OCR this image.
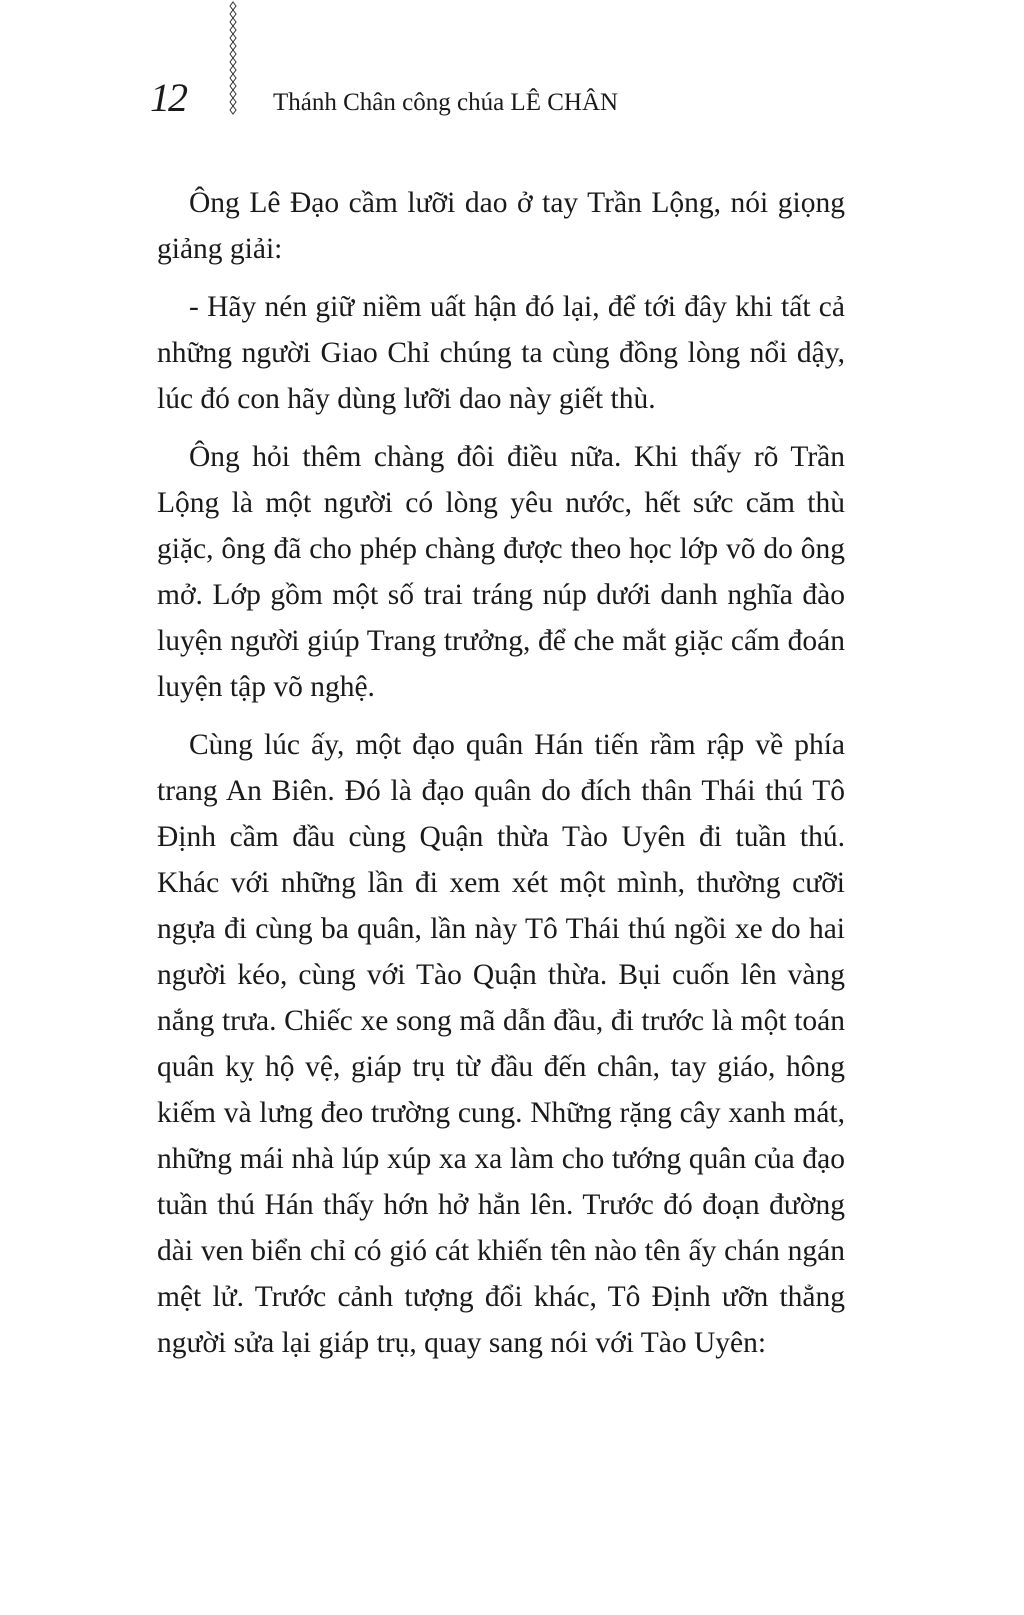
12	Thánh Chân công chúa LÊ CHÂN

Ông Lê Đạo cầm lưỡi dao ở tay Trần Lộng, nói giọng giảng giải:

- Hãy nén giữ niềm uất hận đó lại, để tới đây khi tất cả những người Giao Chỉ chúng ta cùng đồng lòng nổi dậy, lúc đó con hãy dùng lưỡi dao này giết thù.

Ông hỏi thêm chàng đôi điều nữa. Khi thấy rõ Trần Lộng là một người có lòng yêu nước, hết sức căm thù giặc, ông đã cho phép chàng được theo học lớp võ do ông mở. Lớp gồm một số trai tráng núp dưới danh nghĩa đào luyện người giúp Trang trưởng, để che mắt giặc cấm đoán luyện tập võ nghệ.

Cùng lúc ấy, một đạo quân Hán tiến rầm rập về phía trang An Biên. Đó là đạo quân do đích thân Thái thú Tô Định cầm đầu cùng Quận thừa Tào Uyên đi tuần thú. Khác với những lần đi xem xét một mình, thường cưỡi ngựa đi cùng ba quân, lần này Tô Thái thú ngồi xe do hai người kéo, cùng với Tào Quận thừa. Bụi cuốn lên vàng nắng trưa. Chiếc xe song mã dẫn đầu, đi trước là một toán quân kỵ hộ vệ, giáp trụ từ đầu đến chân, tay giáo, hông kiếm và lưng đeo trường cung. Những rặng cây xanh mát, những mái nhà lúp xúp xa xa làm cho tướng quân của đạo tuần thú Hán thấy hớn hở hẳn lên. Trước đó đoạn đường dài ven biển chỉ có gió cát khiến tên nào tên ấy chán ngán mệt lử. Trước cảnh tượng đổi khác, Tô Định ưỡn thẳng người sửa lại giáp trụ, quay sang nói với Tào Uyên:
